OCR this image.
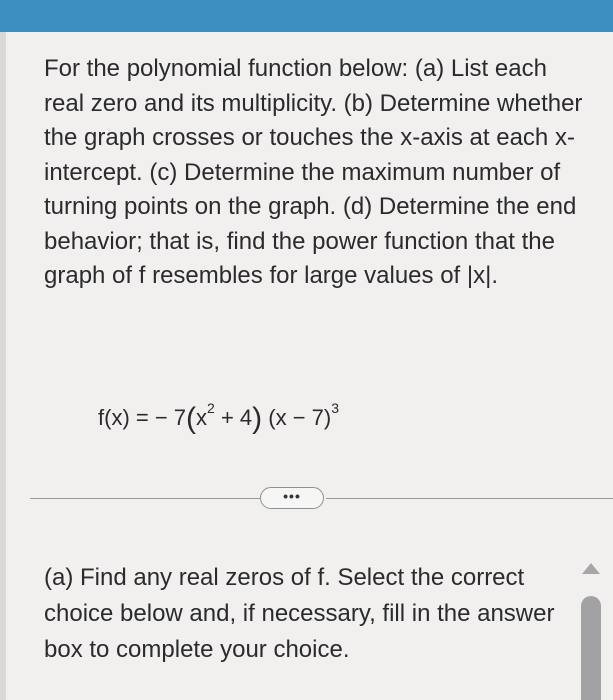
For the polynomial function below: (a) List each real zero and its multiplicity. (b) Determine whether the graph crosses or touches the x-axis at each x-intercept. (c) Determine the maximum number of turning points on the graph. (d) Determine the end behavior; that is, find the power function that the graph of f resembles for large values of |x|.
f(x) = − $7(x^2 + 4) (x - 7)^3$
•••
(a) Find any real zeros of f. Select the correct choice below and, if necessary, fill in the answer box to complete your choice.
